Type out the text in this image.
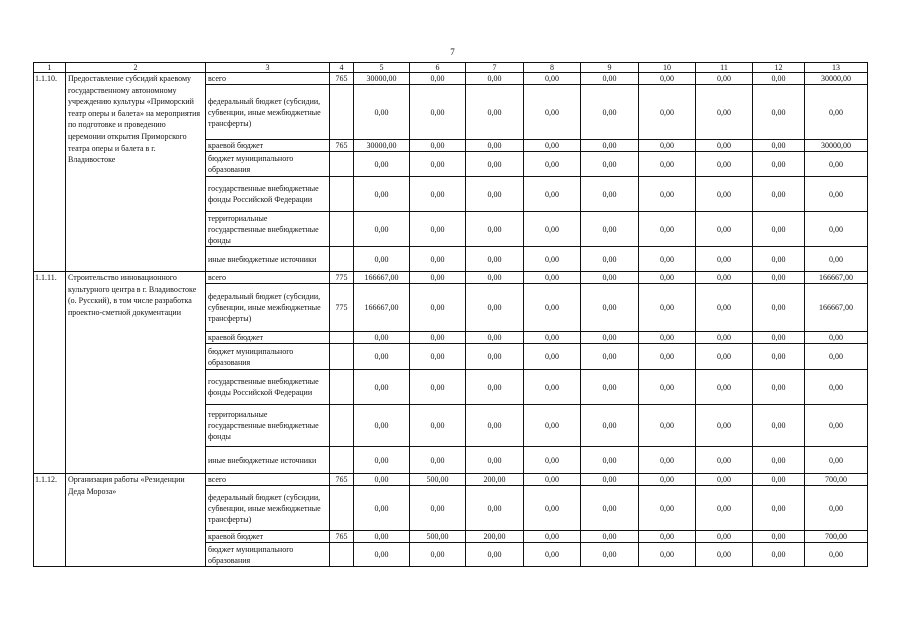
7
1	2	3	4	5	6	7	8	9	10	11	12	13
1.1.10.	Предоставление субсидий краевому государственному автономному учреждению культуры «Приморский театр оперы и балета» на мероприятия по подготовке и проведению церемонии открытия Приморского театра оперы и балета в г. Владивостоке	всего	765	30000,00	0,00	0,00	0,00	0,00	0,00	0,00	0,00	30000,00
		федеральный бюджет (субсидии, субвенции, иные межбюджетные трансферты)		0,00	0,00	0,00	0,00	0,00	0,00	0,00	0,00	0,00
		краевой бюджет	765	30000,00	0,00	0,00	0,00	0,00	0,00	0,00	0,00	30000,00
		бюджет муниципального образования		0,00	0,00	0,00	0,00	0,00	0,00	0,00	0,00	0,00
		государственные внебюджетные фонды Российской Федерации		0,00	0,00	0,00	0,00	0,00	0,00	0,00	0,00	0,00
		территориальные государственные внебюджетные фонды		0,00	0,00	0,00	0,00	0,00	0,00	0,00	0,00	0,00
		иные внебюджетные источники		0,00	0,00	0,00	0,00	0,00	0,00	0,00	0,00	0,00
1.1.11.	Строительство инновационного культурного центра в г. Владивостоке (о. Русский), в том числе разработка проектно-сметной документации	всего	775	166667,00	0,00	0,00	0,00	0,00	0,00	0,00	0,00	166667,00
		федеральный бюджет (субсидии, субвенции, иные межбюджетные трансферты)	775	166667,00	0,00	0,00	0,00	0,00	0,00	0,00	0,00	166667,00
		краевой бюджет		0,00	0,00	0,00	0,00	0,00	0,00	0,00	0,00	0,00
		бюджет муниципального образования		0,00	0,00	0,00	0,00	0,00	0,00	0,00	0,00	0,00
		государственные внебюджетные фонды Российской Федерации		0,00	0,00	0,00	0,00	0,00	0,00	0,00	0,00	0,00
		территориальные государственные внебюджетные фонды		0,00	0,00	0,00	0,00	0,00	0,00	0,00	0,00	0,00
		иные внебюджетные источники		0,00	0,00	0,00	0,00	0,00	0,00	0,00	0,00	0,00
1.1.12.	Организация работы «Резиденции Деда Мороза»	всего	765	0,00	500,00	200,00	0,00	0,00	0,00	0,00	0,00	700,00
		федеральный бюджет (субсидии, субвенции, иные межбюджетные трансферты)		0,00	0,00	0,00	0,00	0,00	0,00	0,00	0,00	0,00
		краевой бюджет	765	0,00	500,00	200,00	0,00	0,00	0,00	0,00	0,00	700,00
		бюджет муниципального образования		0,00	0,00	0,00	0,00	0,00	0,00	0,00	0,00	0,00
